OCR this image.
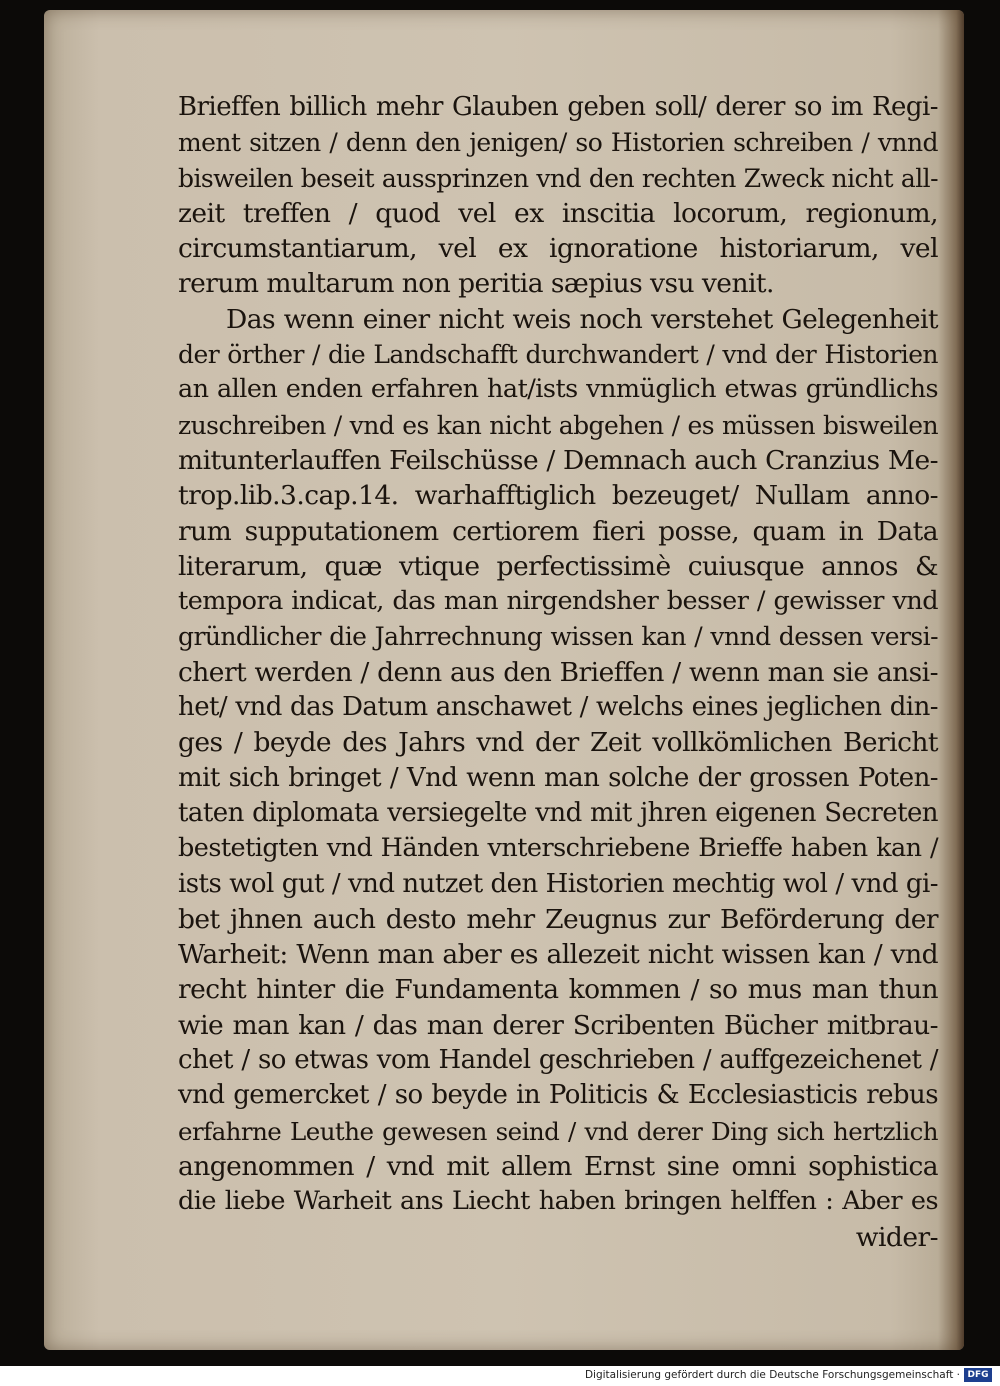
Brieffen billich mehr Glauben geben soll/ derer so im Regi-
ment sitzen / denn den jenigen/ so Historien schreiben / vnnd
bisweilen beseit aussprinzen vnd den rechten Zweck nicht all-
zeit treffen / quod vel ex inscitia locorum, regionum,
circumstantiarum, vel ex ignoratione historiarum, vel
rerum multarum non peritia sæpius vsu venit.
Das wenn einer nicht weis noch verstehet Gelegenheit
der örther / die Landschafft durchwandert / vnd der Historien
an allen enden erfahren hat/ists vnmüglich etwas gründlichs
zuschreiben / vnd es kan nicht abgehen / es müssen bisweilen
mitunterlauffen Feilschüsse / Demnach auch Cranzius Me-
trop.lib.3.cap.14. warhafftiglich bezeuget/ Nullam anno-
rum supputationem certiorem fieri posse, quam in Data
literarum, quæ vtique perfectissimè cuiusque annos &
tempora indicat, das man nirgendsher besser / gewisser vnd
gründlicher die Jahrrechnung wissen kan / vnnd dessen versi-
chert werden / denn aus den Brieffen / wenn man sie ansi-
het/ vnd das Datum anschawet / welchs eines jeglichen din-
ges / beyde des Jahrs vnd der Zeit vollkömlichen Bericht
mit sich bringet / Vnd wenn man solche der grossen Poten-
taten diplomata versiegelte vnd mit jhren eigenen Secreten
bestetigten vnd Händen vnterschriebene Brieffe haben kan /
ists wol gut / vnd nutzet den Historien mechtig wol / vnd gi-
bet jhnen auch desto mehr Zeugnus zur Beförderung der
Warheit: Wenn man aber es allezeit nicht wissen kan / vnd
recht hinter die Fundamenta kommen / so mus man thun
wie man kan / das man derer Scribenten Bücher mitbrau-
chet / so etwas vom Handel geschrieben / auffgezeichenet /
vnd gemercket / so beyde in Politicis & Ecclesiasticis rebus
erfahrne Leuthe gewesen seind / vnd derer Ding sich hertzlich
angenommen / vnd mit allem Ernst sine omni sophistica
die liebe Warheit ans Liecht haben bringen helffen : Aber es
wider-
Digitalisierung gefördert durch die Deutsche Forschungsgemeinschaft · DFG
